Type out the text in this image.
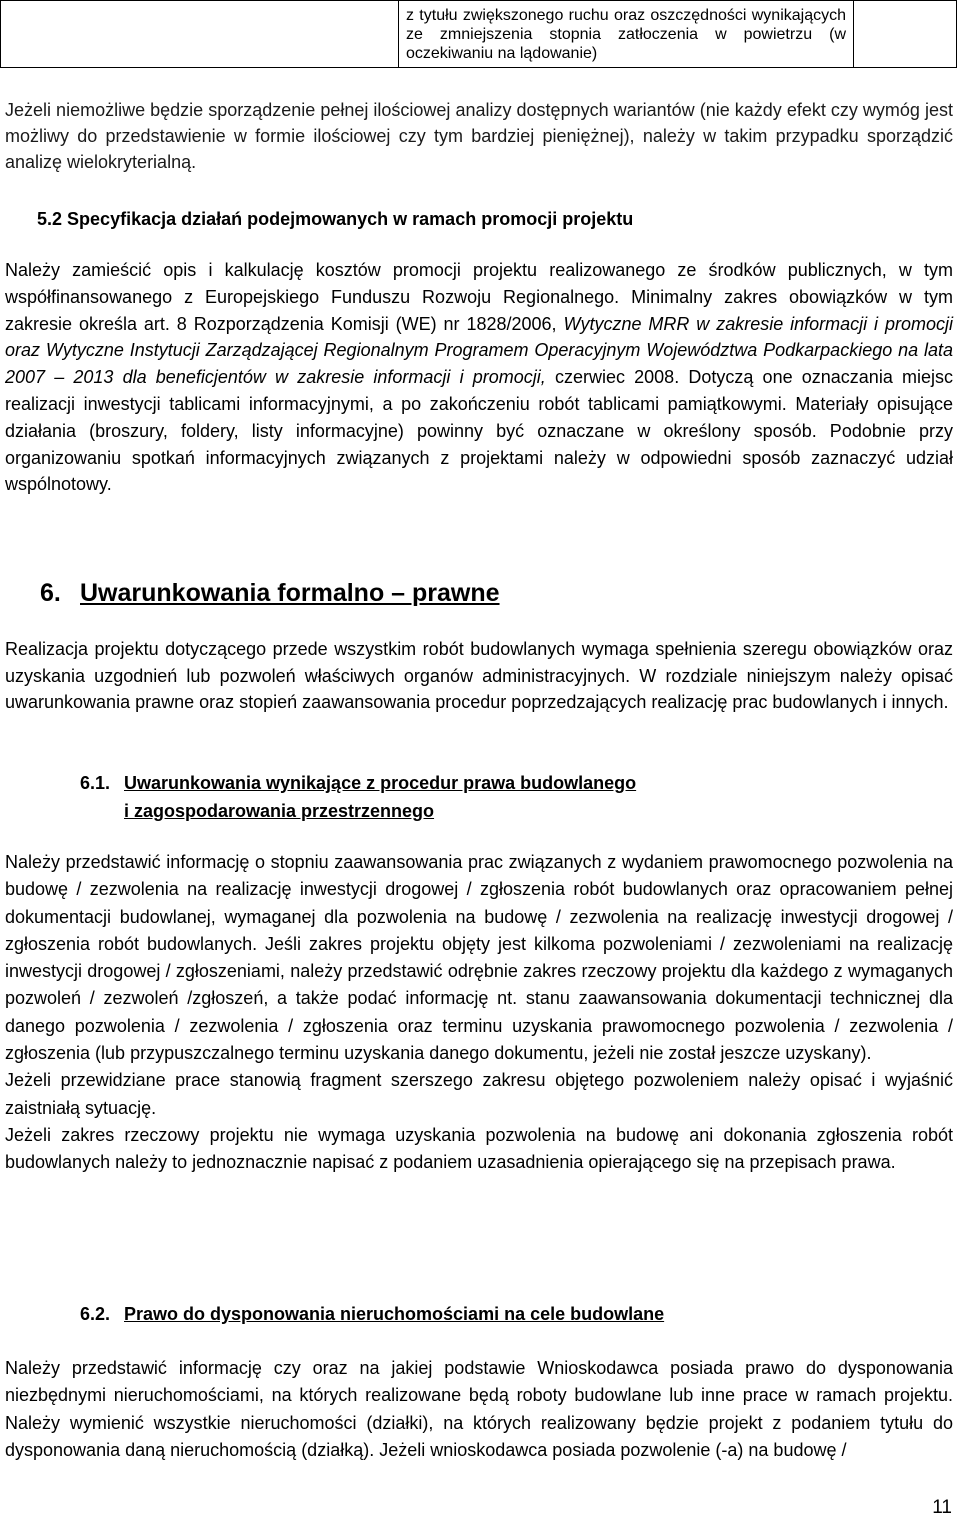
z tytułu zwiększonego ruchu oraz oszczędności wynikających ze zmniejszenia stopnia zatłoczenia w powietrzu (w oczekiwaniu na lądowanie)
Jeżeli niemożliwe będzie sporządzenie pełnej ilościowej analizy dostępnych wariantów (nie każdy efekt czy wymóg jest możliwy do przedstawienie w formie ilościowej czy tym bardziej pieniężnej), należy w takim przypadku sporządzić analizę wielokryterialną.
5.2 Specyfikacja działań podejmowanych w ramach promocji projektu
Należy zamieścić opis i kalkulację kosztów promocji projektu realizowanego ze środków publicznych, w tym współfinansowanego z Europejskiego Funduszu Rozwoju Regionalnego. Minimalny zakres obowiązków w tym zakresie określa art. 8 Rozporządzenia Komisji (WE) nr 1828/2006, Wytyczne MRR w zakresie informacji i promocji oraz Wytyczne Instytucji Zarządzającej Regionalnym Programem Operacyjnym Województwa Podkarpackiego na lata 2007 – 2013 dla beneficjentów w zakresie informacji i promocji, czerwiec 2008. Dotyczą one oznaczania miejsc realizacji inwestycji tablicami informacyjnymi, a po zakończeniu robót tablicami pamiątkowymi. Materiały opisujące działania (broszury, foldery, listy informacyjne) powinny być oznaczane w określony sposób. Podobnie przy organizowaniu spotkań informacyjnych związanych z projektami należy w odpowiedni sposób zaznaczyć udział wspólnotowy.
6. Uwarunkowania formalno – prawne
Realizacja projektu dotyczącego przede wszystkim robót budowlanych wymaga spełnienia szeregu obowiązków oraz uzyskania uzgodnień lub pozwoleń właściwych organów administracyjnych. W rozdziale niniejszym należy opisać uwarunkowania prawne oraz stopień zaawansowania procedur poprzedzających realizację prac budowlanych i innych.
6.1. Uwarunkowania wynikające z procedur prawa budowlanego
i zagospodarowania przestrzennego

Należy przedstawić informację o stopniu zaawansowania prac związanych z wydaniem prawomocnego pozwolenia na budowę / zezwolenia na realizację inwestycji drogowej / zgłoszenia robót budowlanych oraz opracowaniem pełnej dokumentacji budowlanej, wymaganej dla pozwolenia na budowę / zezwolenia na realizację inwestycji drogowej / zgłoszenia robót budowlanych. Jeśli zakres projektu objęty jest kilkoma pozwoleniami / zezwoleniami na realizację inwestycji drogowej / zgłoszeniami, należy przedstawić odrębnie zakres rzeczowy projektu dla każdego z wymaganych pozwoleń / zezwoleń /zgłoszeń, a także podać informację nt. stanu zaawansowania dokumentacji technicznej dla danego pozwolenia / zezwolenia / zgłoszenia oraz terminu uzyskania prawomocnego pozwolenia / zezwolenia / zgłoszenia (lub przypuszczalnego terminu uzyskania danego dokumentu, jeżeli nie został jeszcze uzyskany).

Jeżeli przewidziane prace stanowią fragment szerszego zakresu objętego pozwoleniem należy opisać i wyjaśnić zaistniałą sytuację.

Jeżeli zakres rzeczowy projektu nie wymaga uzyskania pozwolenia na budowę ani dokonania zgłoszenia robót budowlanych należy to jednoznacznie napisać z podaniem uzasadnienia opierającego się na przepisach prawa.

6.2. Prawo do dysponowania nieruchomościami na cele budowlane
Należy przedstawić informację czy oraz na jakiej podstawie Wnioskodawca posiada prawo do dysponowania niezbędnymi nieruchomościami, na których realizowane będą roboty budowlane lub inne prace w ramach projektu. Należy wymienić wszystkie nieruchomości (działki), na których realizowany będzie projekt z podaniem tytułu do dysponowania daną nieruchomością (działką). Jeżeli wnioskodawca posiada pozwolenie (-a) na budowę /
11
